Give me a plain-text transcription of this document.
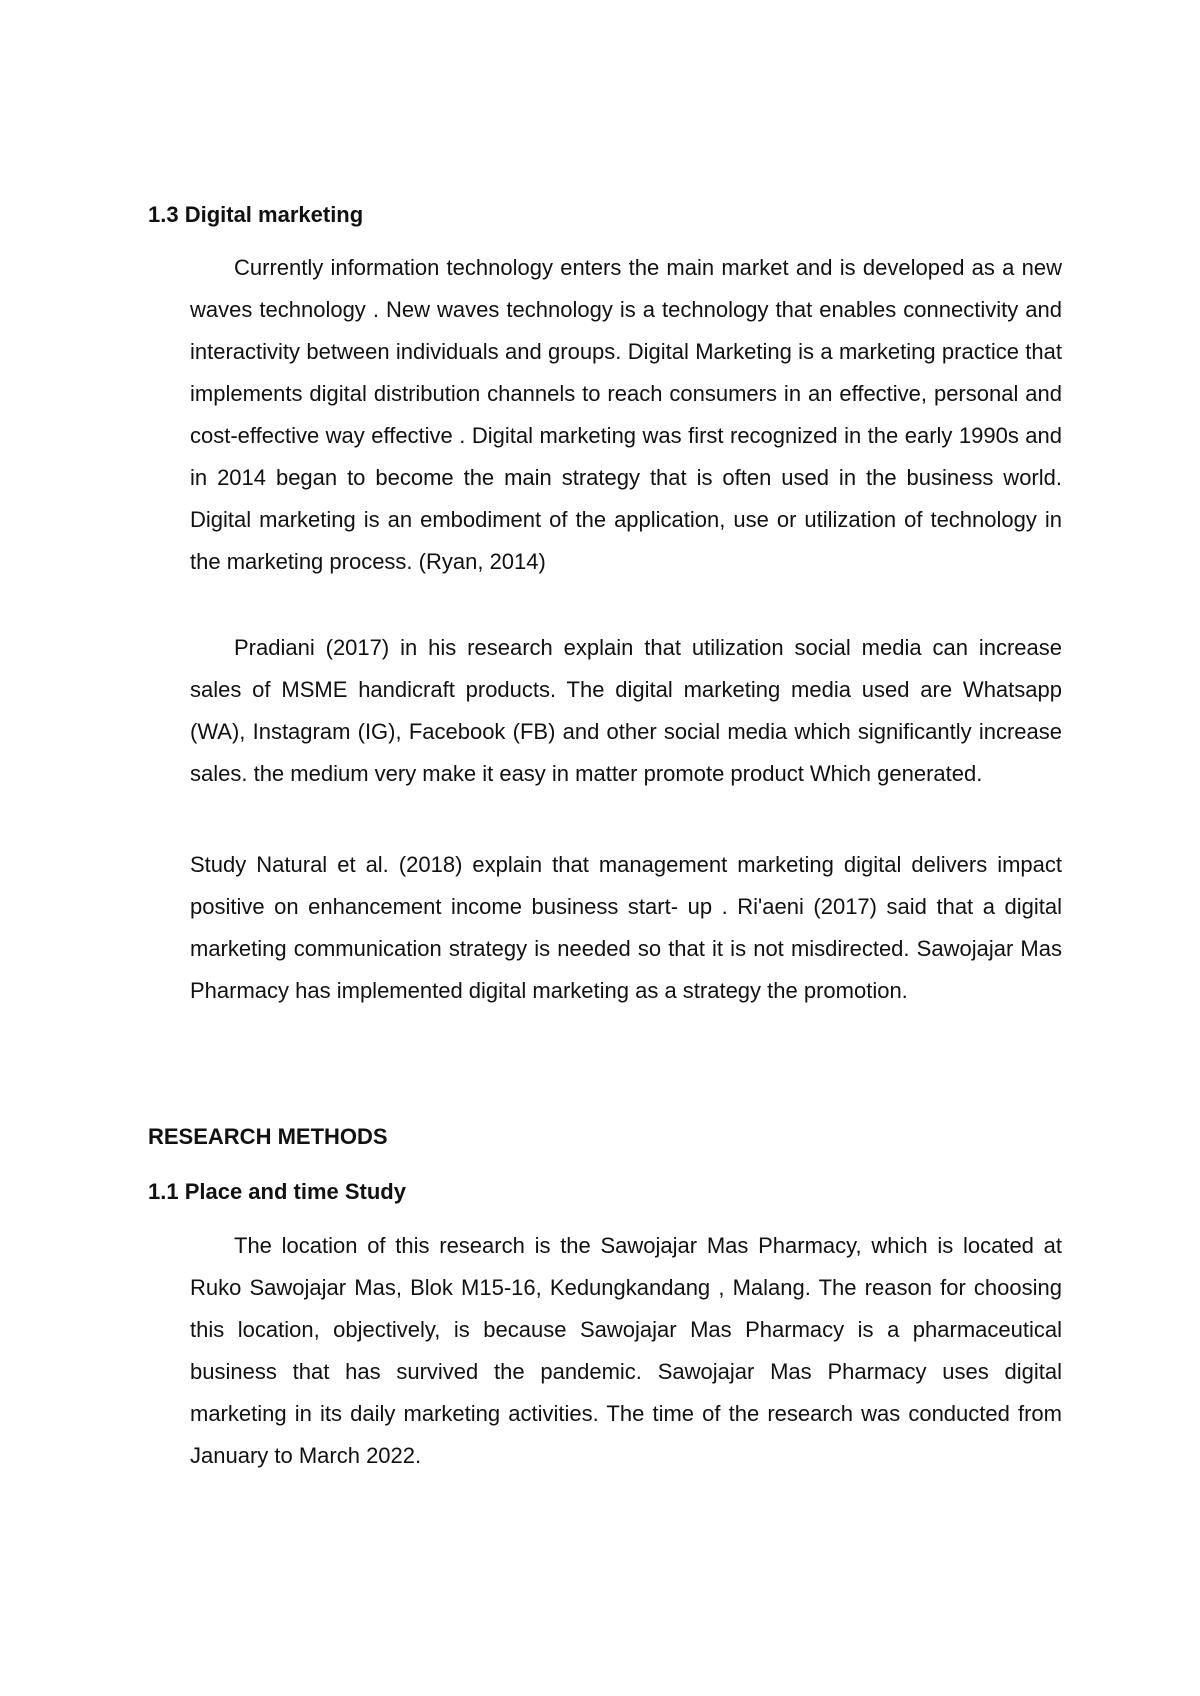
1.3 Digital marketing

Currently information technology enters the main market and is developed as a new waves technology . New waves technology is a technology that enables connectivity and interactivity between individuals and groups. Digital Marketing is a marketing practice that implements digital distribution channels to reach consumers in an effective, personal and cost-effective way effective . Digital marketing was first recognized in the early 1990s and in 2014 began to become the main strategy that is often used in the business world. Digital marketing is an embodiment of the application, use or utilization of technology in the marketing process. (Ryan, 2014)

Pradiani (2017) in his research explain that utilization social media can increase sales of MSME handicraft products. The digital marketing media used are Whatsapp (WA), Instagram (IG), Facebook (FB) and other social media which significantly increase sales. the medium very make it easy in matter promote product Which generated.

Study Natural et al. (2018) explain that management marketing digital delivers impact positive on enhancement income business start- up . Ri'aeni (2017) said that a digital marketing communication strategy is needed so that it is not misdirected. Sawojajar Mas Pharmacy has implemented digital marketing as a strategy the promotion.

RESEARCH METHODS
1.1 Place and time Study

The location of this research is the Sawojajar Mas Pharmacy, which is located at Ruko Sawojajar Mas, Blok M15-16, Kedungkandang , Malang. The reason for choosing this location, objectively, is because Sawojajar Mas Pharmacy is a pharmaceutical business that has survived the pandemic. Sawojajar Mas Pharmacy uses digital marketing in its daily marketing activities. The time of the research was conducted from January to March 2022.
